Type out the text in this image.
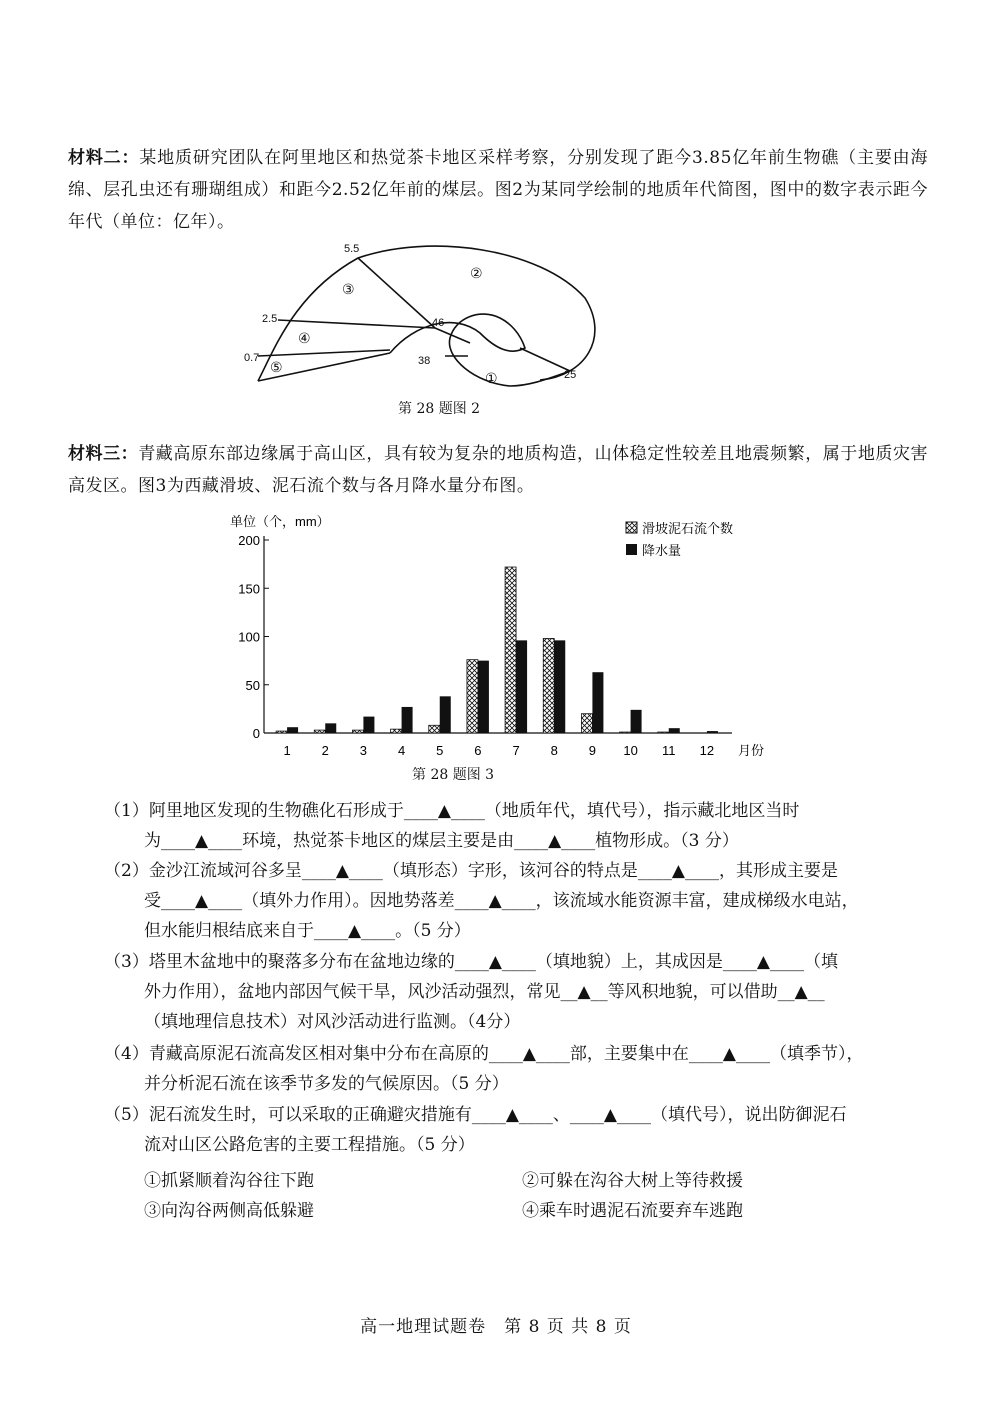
材料二：某地质研究团队在阿里地区和热觉茶卡地区采样考察，分别发现了距今3.85亿年前生物礁（主要由海绵、层孔虫还有珊瑚组成）和距今2.52亿年前的煤层。图2为某同学绘制的地质年代简图，图中的数字表示距今年代（单位：亿年）。
5.5
2.5
0.7
46
38
25
①
②
③
④
⑤
第 28 题图 2
材料三：青藏高原东部边缘属于高山区，具有较为复杂的地质构造，山体稳定性较差且地震频繁，属于地质灾害高发区。图3为西藏滑坡、泥石流个数与各月降水量分布图。
单位（个，mm）
0
50
100
150
200
1 2 3 4 5 6 7 8 9 10 11 12 月份
滑坡泥石流个数
降水量
第 28 题图 3
（1）阿里地区发现的生物礁化石形成于____▲____（地质年代，填代号），指示藏北地区当时
为____▲____环境，热觉茶卡地区的煤层主要是由____▲____植物形成。（3 分）
（2）金沙江流域河谷多呈____▲____（填形态）字形，该河谷的特点是____▲____，其形成主要是
受____▲____（填外力作用）。因地势落差____▲____，该流域水能资源丰富，建成梯级水电站，
但水能归根结底来自于____▲____。（5 分）
（3）塔里木盆地中的聚落多分布在盆地边缘的____▲____（填地貌）上，其成因是____▲____（填
外力作用），盆地内部因气候干旱，风沙活动强烈，常见__▲__等风积地貌，可以借助__▲__
（填地理信息技术）对风沙活动进行监测。（4分）
（4）青藏高原泥石流高发区相对集中分布在高原的____▲____部，主要集中在____▲____（填季节），
并分析泥石流在该季节多发的气候原因。（5 分）
（5）泥石流发生时，可以采取的正确避灾措施有____▲____、____▲____（填代号），说出防御泥石
流对山区公路危害的主要工程措施。（5 分）
①抓紧顺着沟谷往下跑	②可躲在沟谷大树上等待救援
③向沟谷两侧高低躲避	④乘车时遇泥石流要弃车逃跑
高一地理试题卷　第 8 页 共 8 页
